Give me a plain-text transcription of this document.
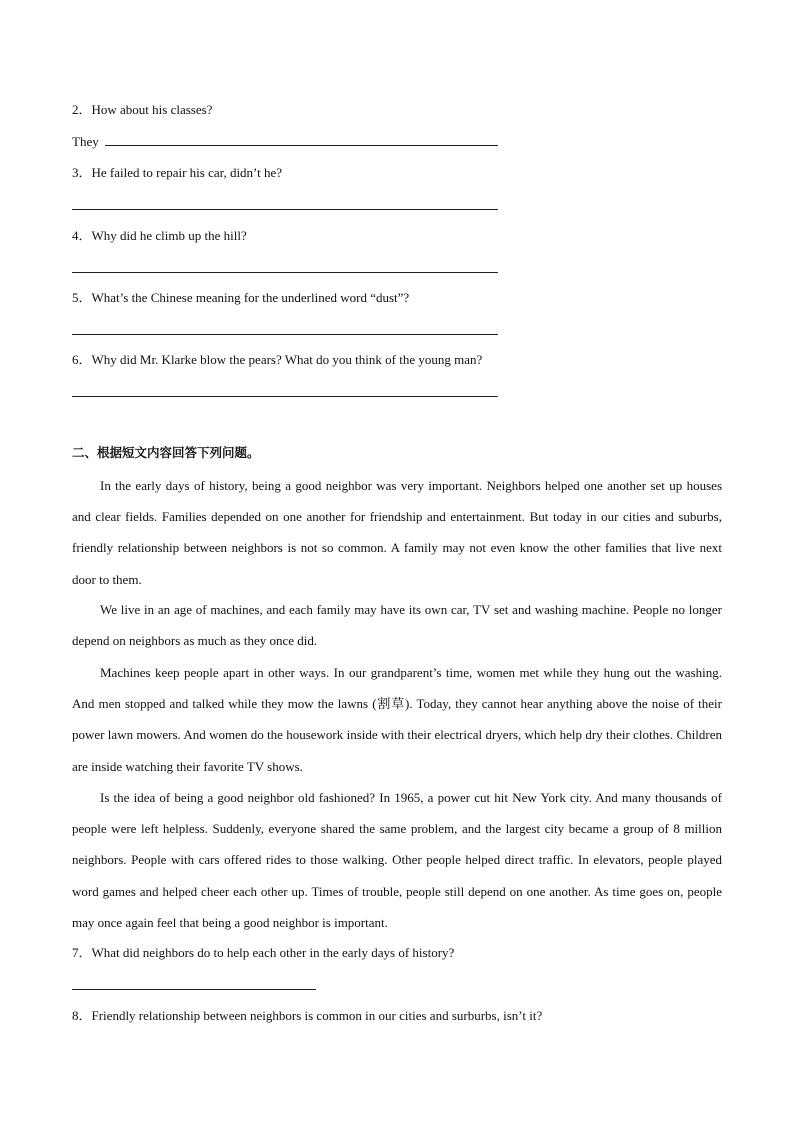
2．How about his classes?
They
3．He failed to repair his car, didn’t he?
4．Why did he climb up the hill?
5．What’s the Chinese meaning for the underlined word “dust”?
6．Why did Mr. Klarke blow the pears? What do you think of the young man?
二、根据短文内容回答下列问题。
In the early days of history, being a good neighbor was very important. Neighbors helped one another set up houses and clear fields. Families depended on one another for friendship and entertainment. But today in our cities and suburbs, friendly relationship between neighbors is not so common. A family may not even know the other families that live next door to them.
We live in an age of machines, and each family may have its own car, TV set and washing machine. People no longer depend on neighbors as much as they once did.
Machines keep people apart in other ways. In our grandparent’s time, women met while they hung out the washing. And men stopped and talked while they mow the lawns (割草). Today, they cannot hear anything above the noise of their power lawn mowers. And women do the housework inside with their electrical dryers, which help dry their clothes. Children are inside watching their favorite TV shows.
Is the idea of being a good neighbor old fashioned? In 1965, a power cut hit New York city. And many thousands of people were left helpless. Suddenly, everyone shared the same problem, and the largest city became a group of 8 million neighbors. People with cars offered rides to those walking. Other people helped direct traffic. In elevators, people played word games and helped cheer each other up. Times of trouble, people still depend on one another. As time goes on, people may once again feel that being a good neighbor is important.
7．What did neighbors do to help each other in the early days of history?
8．Friendly relationship between neighbors is common in our cities and surburbs, isn’t it?
